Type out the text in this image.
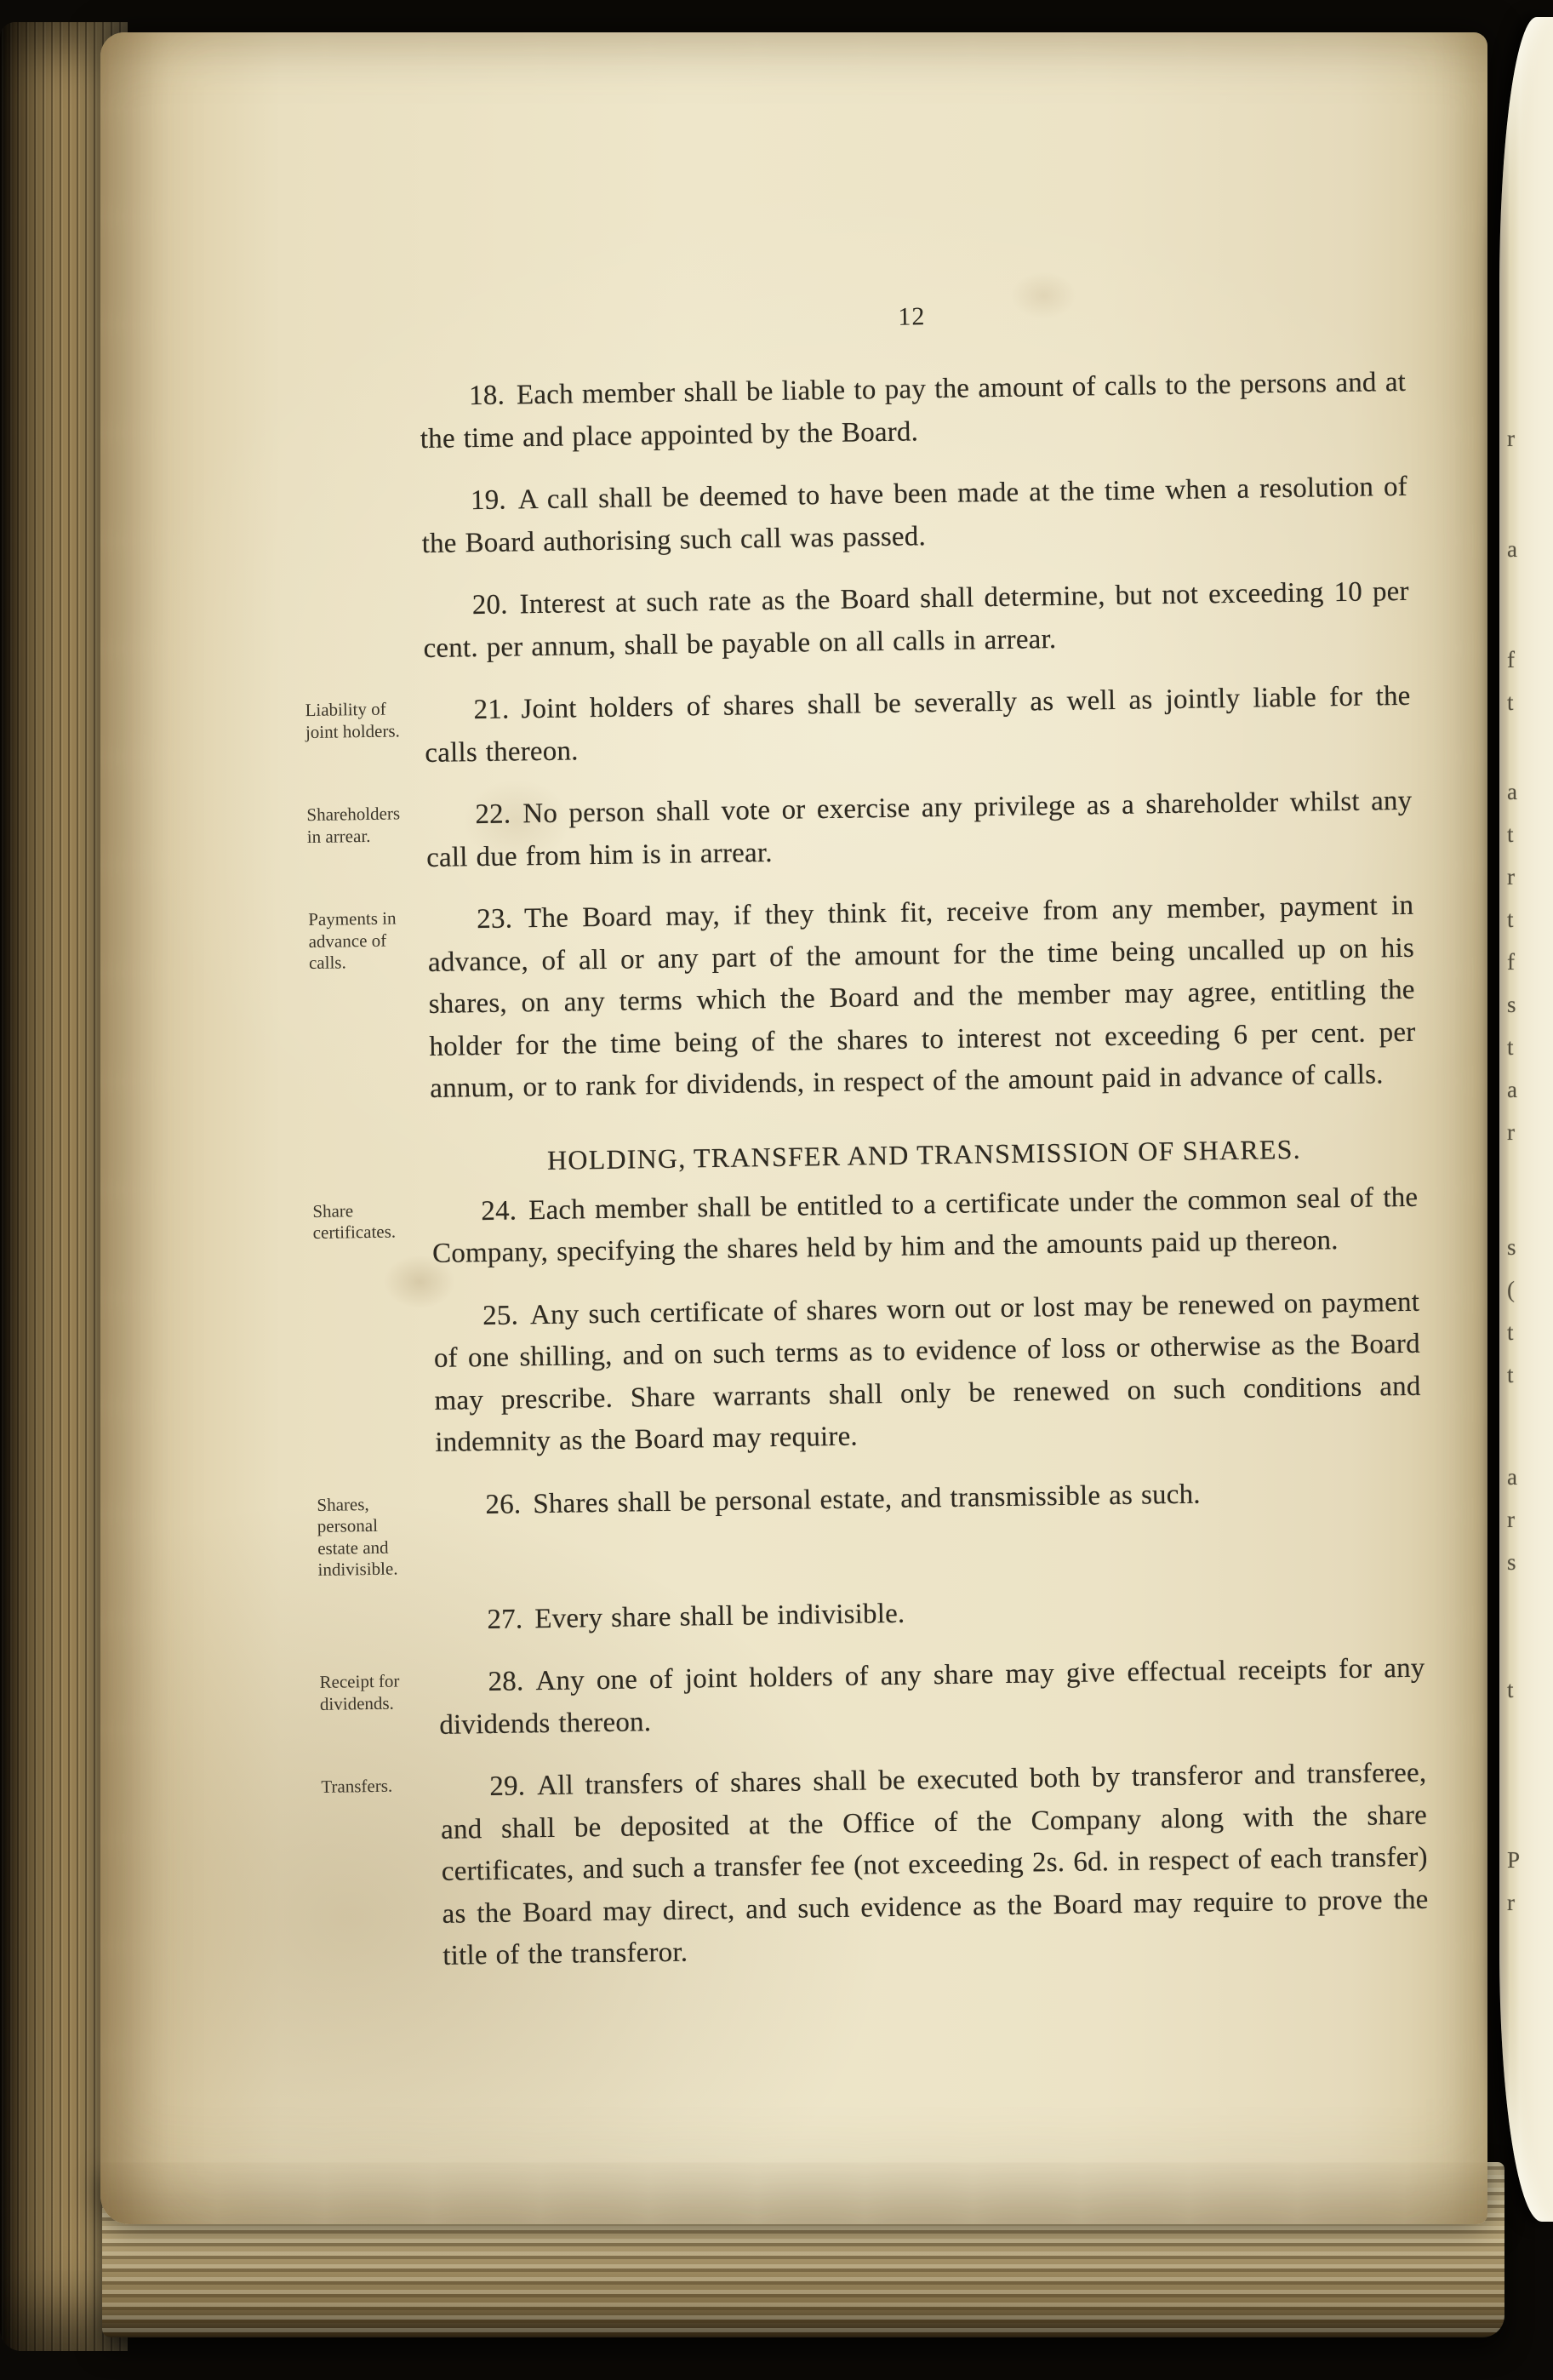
12

18. Each member shall be liable to pay the amount of calls to the persons and at the time and place appointed by the Board.

19. A call shall be deemed to have been made at the time when a resolution of the Board authorising such call was passed.

20. Interest at such rate as the Board shall determine, but not exceeding 10 per cent. per annum, shall be payable on all calls in arrear.

Liability of joint holders.

21. Joint holders of shares shall be severally as well as jointly liable for the calls thereon.

Shareholders in arrear.

22. No person shall vote or exercise any privilege as a shareholder whilst any call due from him is in arrear.

Payments in advance of calls.

23. The Board may, if they think fit, receive from any member, payment in advance, of all or any part of the amount for the time being uncalled up on his shares, on any terms which the Board and the member may agree, entitling the holder for the time being of the shares to interest not exceeding 6 per cent. per annum, or to rank for dividends, in respect of the amount paid in advance of calls.

HOLDING, TRANSFER AND TRANSMISSION OF SHARES.
Share certificates.

24. Each member shall be entitled to a certificate under the common seal of the Company, specifying the shares held by him and the amounts paid up thereon.

25. Any such certificate of shares worn out or lost may be renewed on payment of one shilling, and on such terms as to evidence of loss or otherwise as the Board may prescribe. Share warrants shall only be renewed on such conditions and indemnity as the Board may require.

Shares, personal estate and indivisible.

26. Shares shall be personal estate, and transmissible as such.

27. Every share shall be indivisible.

Receipt for dividends.

28. Any one of joint holders of any share may give effectual receipts for any dividends thereon.

Transfers.	29. All transfers of shares shall be executed both by transferor and transferee, and shall be deposited at the Office of the Company along with the share certificates, and such a transfer fee (not exceeding 2s. 6d. in respect of each transfer) as the Board may direct, and such evidence as the Board may require to prove the title of the transferor.

r
a
f
t
a
t
r
t
f
s
t
a
r
s
(
t
t
a
r
s
t
P
r
